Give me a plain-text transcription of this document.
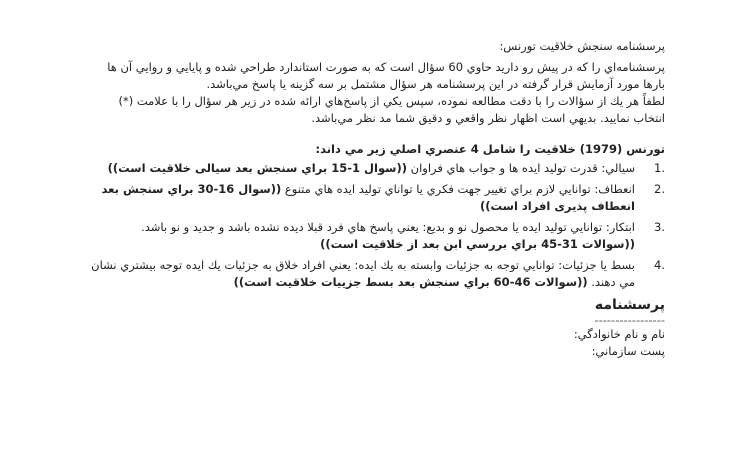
پرسشنامه سنجش خلاقيت تورنس:

پرسشنامه‌اي را كه در پيش رو داريد حاوي 60 سؤال است كه به صورت استاندارد طراحي شده و پايايي و روايي آن ها بارها مورد آزمايش قرار گرفته در اين پرسشنامه هر سؤال مشتمل بر سه گزينه يا پاسخ مي‌باشد.

لطفاً هر يك از سؤالات را با دقت مطالعه نموده، سپس يكي از پاسخ‌هاي ارائه شده در زير هر سؤال را با علامت (*) انتخاب نماييد. بديهي است اظهار نظر واقعي و دقيق شما مد نظر مي‌باشد.

تورنس (1979) خلاقيت را شامل 4 عنصري اصلي زير مي داند:

1.
سيالي: قدرت توليد ايده ها و جواب هاي فراوان ((سوال 1-15 براي سنجش بعد سیالی خلاقیت است))
2.
انعطاف: توانايي لازم براي تغيير جهت فكري يا تواناي توليد ايده هاي متنوع ((سوال 16-30 براي سنجش بعد انعطاف پذیری افراد است))
3.
ابتكار: توانايي توليد ايده يا محصول نو و بديع: يعني پاسخ هاي فرد قبلا ديده نشده باشد و جديد و نو باشد. ((سوالات 31-45 براي بررسي ابن بعد از خلاقيت است))
4.
بسط يا جزئيات: توانايي توجه به جزئيات وابسته به يك ايده: يعني افراد خلاق به جزئيات يك ايده توجه بيشتري نشان مي دهند. ((سوالات 46-60 براي سنجش بعد بسط جزییات خلاقيت است))

پرسشنامه

-----------------

نام و نام خانوادگي:

پست سازماني:
